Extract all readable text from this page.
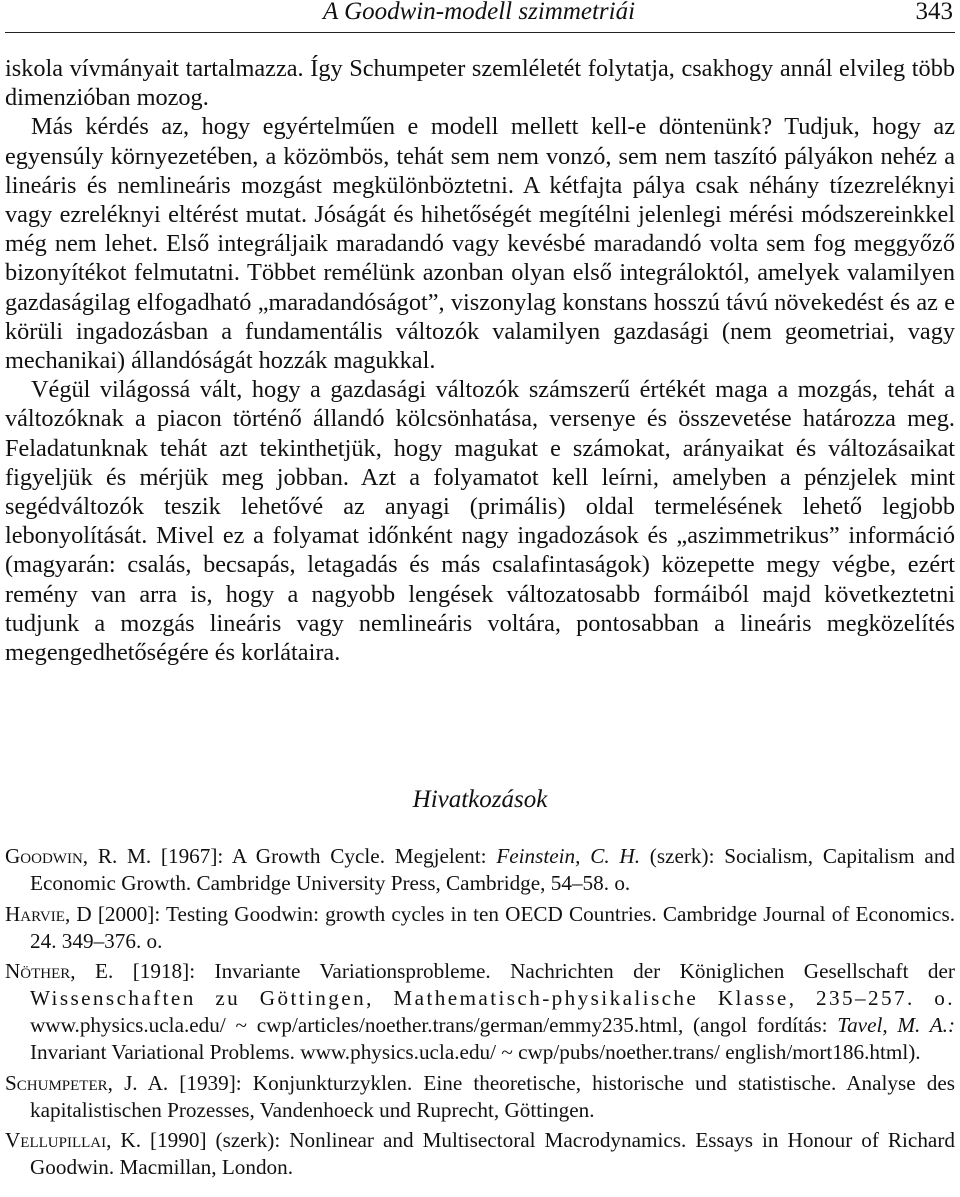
A Goodwin-modell szimmetriái	343

iskola vívmányait tartalmazza. Így Schumpeter szemléletét folytatja, csakhogy annál elvileg több dimenzióban mozog.

Más kérdés az, hogy egyértelműen e modell mellett kell-e döntenünk? Tudjuk, hogy az egyensúly környezetében, a közömbös, tehát sem nem vonzó, sem nem taszító pályákon nehéz a lineáris és nemlineáris mozgást megkülönböztetni. A kétfajta pálya csak néhány tízezreléknyi vagy ezreléknyi eltérést mutat. Jóságát és hihetőségét megítélni jelenlegi mérési módszereinkkel még nem lehet. Első integráljaik maradandó vagy kevésbé maradandó volta sem fog meggyőző bizonyítékot felmutatni. Többet remélünk azonban olyan első integráloktól, amelyek valamilyen gazdaságilag elfogadható „maradandóságot”, viszonylag konstans hosszú távú növekedést és az e körüli ingadozásban a fundamentális változók valamilyen gazdasági (nem geometriai, vagy mechanikai) állandóságát hozzák magukkal.

Végül világossá vált, hogy a gazdasági változók számszerű értékét maga a mozgás, tehát a változóknak a piacon történő állandó kölcsönhatása, versenye és összevetése határozza meg. Feladatunknak tehát azt tekinthetjük, hogy magukat e számokat, arányaikat és változásaikat figyeljük és mérjük meg jobban. Azt a folyamatot kell leírni, amelyben a pénzjelek mint segédváltozók teszik lehetővé az anyagi (primális) oldal termelésének lehető legjobb lebonyolítását. Mivel ez a folyamat időnként nagy ingadozások és „aszimmetrikus” információ (magyarán: csalás, becsapás, letagadás és más csalafintaságok) közepette megy végbe, ezért remény van arra is, hogy a nagyobb lengések változatosabb formáiból majd következtetni tudjunk a mozgás lineáris vagy nemlineáris voltára, pontosabban a lineáris megközelítés megengedhetőségére és korlátaira.

Hivatkozások

Goodwin, R. M. [1967]: A Growth Cycle. Megjelent: Feinstein, C. H. (szerk): Socialism, Capitalism and Economic Growth. Cambridge University Press, Cambridge, 54–58. o.

Harvie, D [2000]: Testing Goodwin: growth cycles in ten OECD Countries. Cambridge Journal of Economics. 24. 349–376. o.

Nöther, E. [1918]: Invariante Variationsprobleme. Nachrichten der Königlichen Gesellschaft der Wissenschaften zu Göttingen, Mathematisch-physikalische Klasse, 235–257. o. www.physics.ucla.edu/ ~ cwp/articles/noether.trans/german/emmy235.html, (angol fordítás: Tavel, M. A.: Invariant Variational Problems. www.physics.ucla.edu/ ~ cwp/pubs/noether.trans/ english/mort186.html).

Schumpeter, J. A. [1939]: Konjunkturzyklen. Eine theoretische, historische und statistische. Analyse des kapitalistischen Prozesses, Vandenhoeck und Ruprecht, Göttingen.

Vellupillai, K. [1990] (szerk): Nonlinear and Multisectoral Macrodynamics. Essays in Honour of Richard Goodwin. Macmillan, London.
